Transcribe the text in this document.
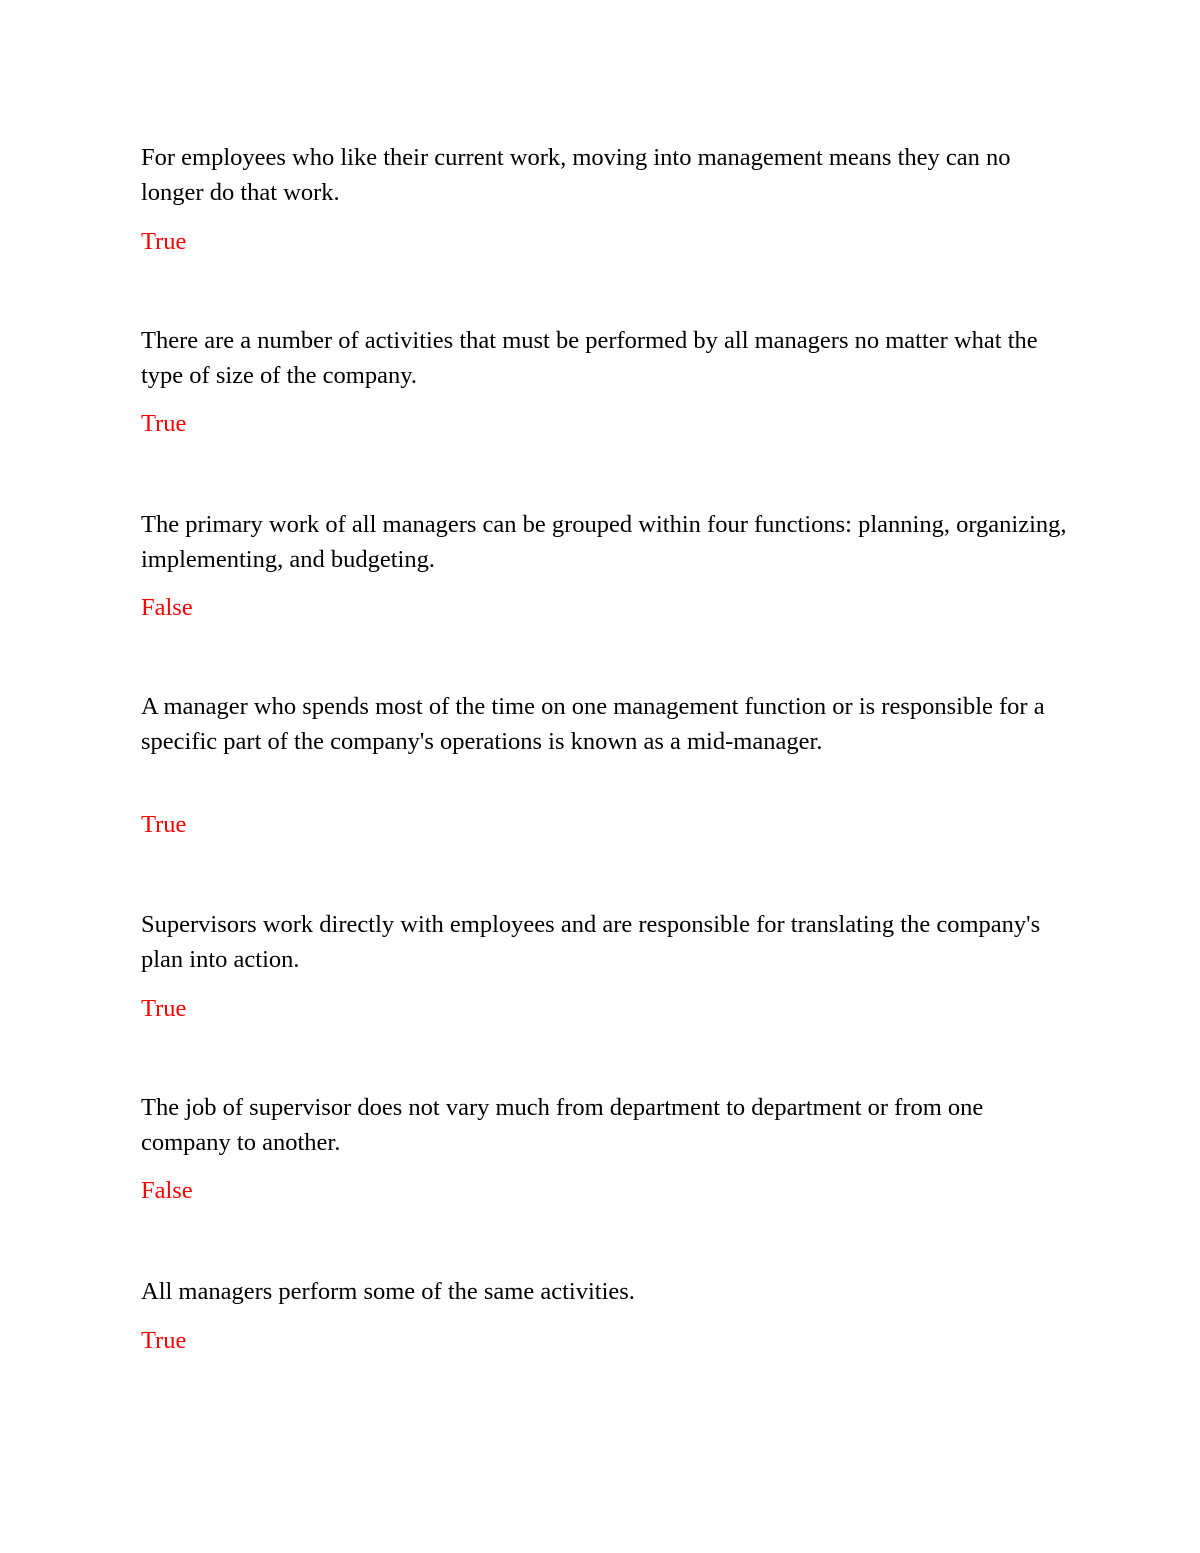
For employees who like their current work, moving into management means they can no longer do that work.

True

There are a number of activities that must be performed by all managers no matter what the type of size of the company.

True

The primary work of all managers can be grouped within four functions: planning, organizing, implementing, and budgeting.

False

A manager who spends most of the time on one management function or is responsible for a specific part of the company's operations is known as a mid-manager.

True

Supervisors work directly with employees and are responsible for translating the company's plan into action.

True

The job of supervisor does not vary much from department to department or from one company to another.

False

All managers perform some of the same activities.

True
